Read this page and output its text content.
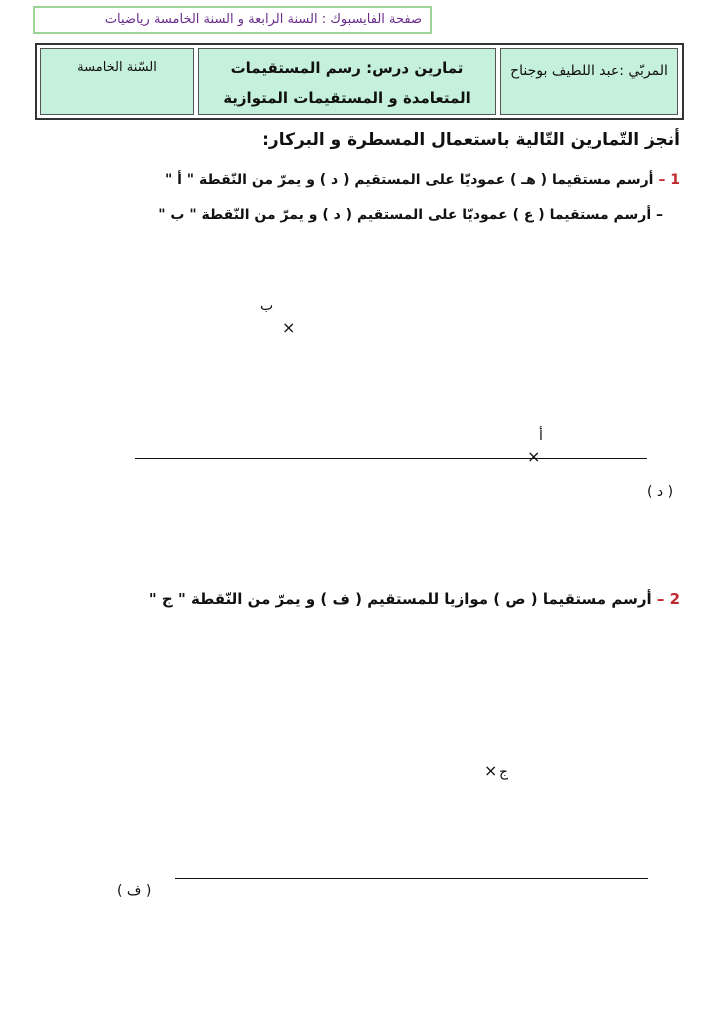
صفحة الفايسبوك : السنة الرابعة و السنة الخامسة رياضيات
السّنة الخامسة	تمارين درس: رسم المستقيمات
المتعامدة و المستقيمات المتوازية
المربّي :عبد اللطيف بوجناح
أنجز التّمارين التّالية باستعمال المسطرة و البركار:
1 – أرسم مستقيما ( هـ ) عموديّا على المستقيم ( د ) و يمرّ من النّقطة " أ "
– أرسم مستقيما ( ع ) عموديّا على المستقيم ( د ) و يمرّ من النّقطة " ب "
ب
×
أ
×
( د )
2 – أرسم مستقيما ( ص ) موازيا للمستقيم ( ف ) و يمرّ من النّقطة " ج "
× ج
( ف )
